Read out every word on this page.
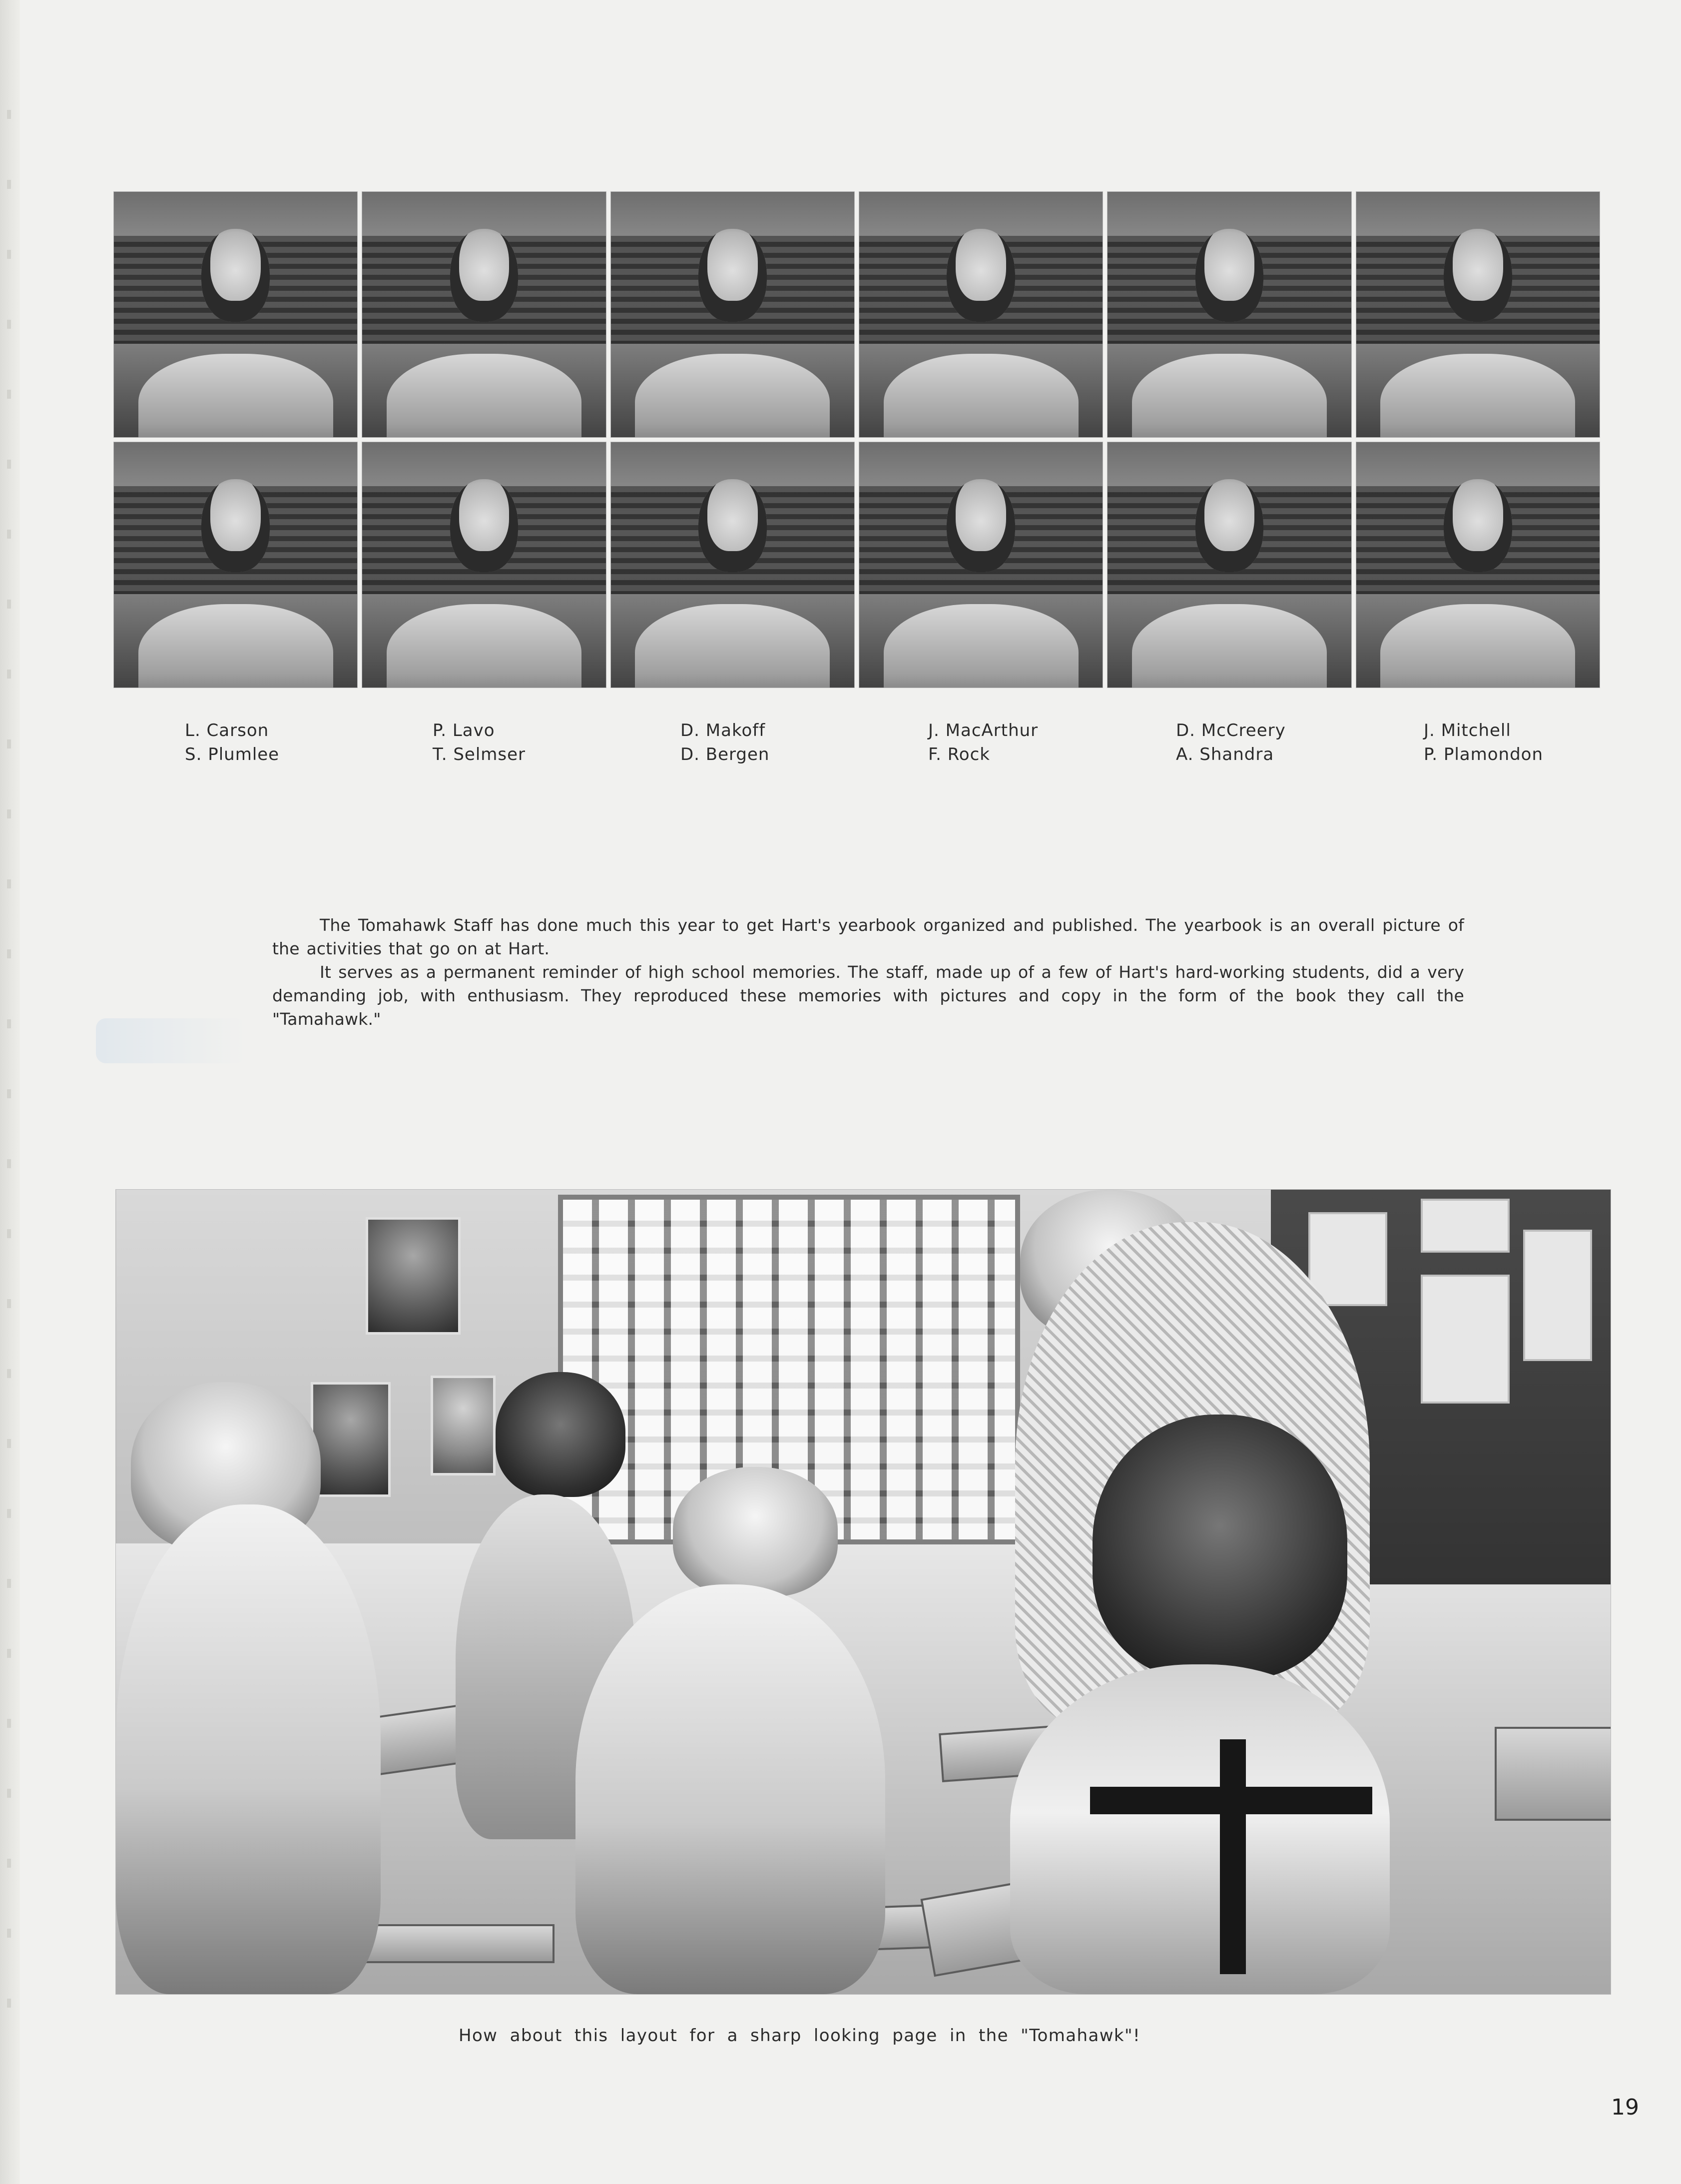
L. Carson
S. Plumlee
P. Lavo
T. Selmser
D. Makoff
D. Bergen
J. MacArthur
F. Rock
D. McCreery
A. Shandra
J. Mitchell
P. Plamondon

The Tomahawk Staff has done much this year to get Hart's yearbook organized and published. The yearbook is an overall picture of the activities that go on at Hart.

It serves as a permanent reminder of high school memories. The staff, made up of a few of Hart's hard-working students, did a very demanding job, with enthusiasm. They reproduced these memories with pictures and copy in the form of the book they call the "Tamahawk."

How about this layout for a sharp looking page in the "Tomahawk"!
19
